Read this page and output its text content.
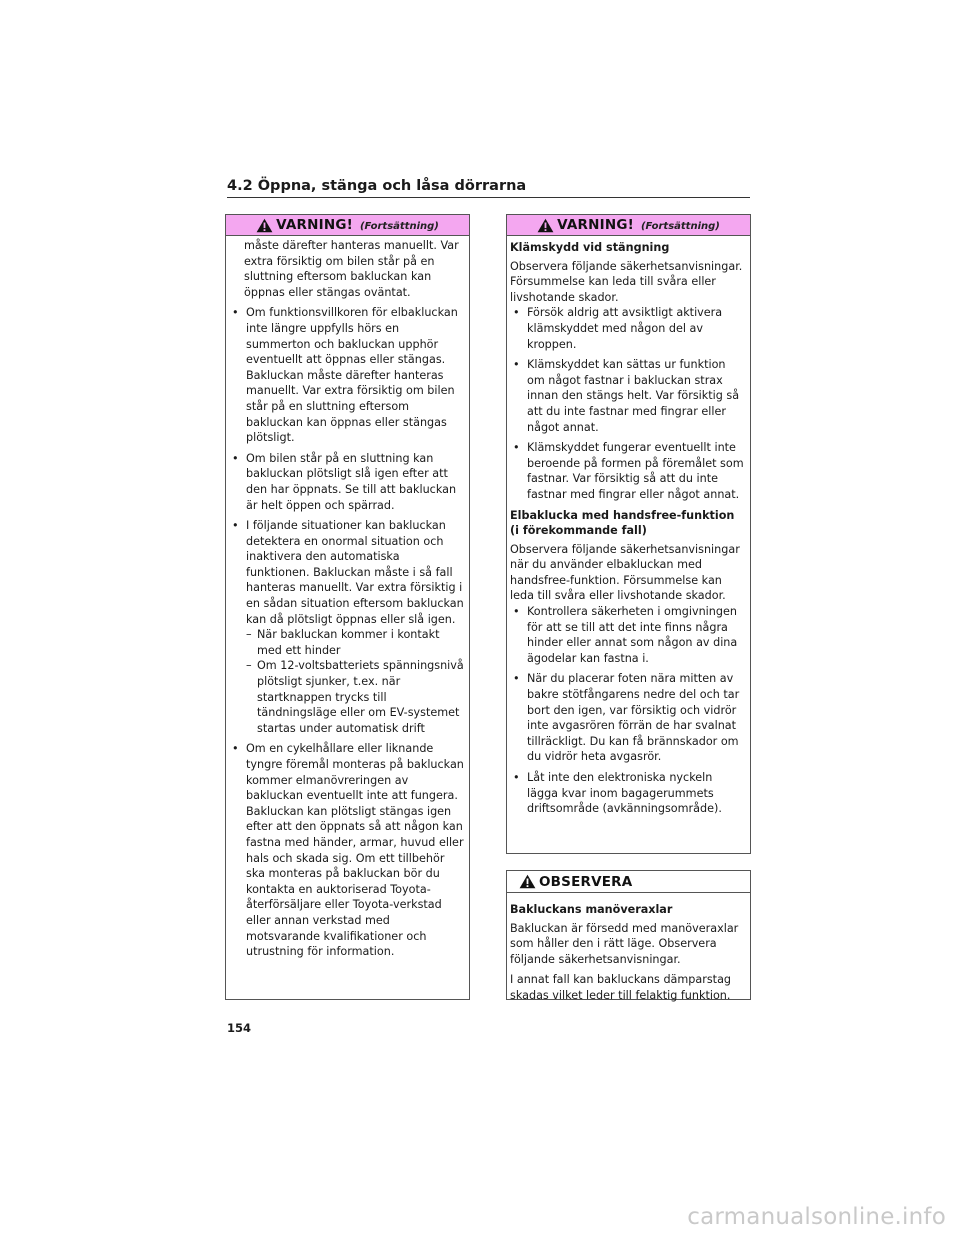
4.2 Öppna, stänga och låsa dörrarna
VARNING! (Fortsättning)
måste därefter hanteras manuellt. Var extra försiktig om bilen står på en sluttning eftersom bakluckan kan öppnas eller stängas oväntat.
• Om funktionsvillkoren för elbakluckan inte längre uppfylls hörs en summerton och bakluckan upphör eventuellt att öppnas eller stängas. Bakluckan måste därefter hanteras manuellt. Var extra försiktig om bilen står på en sluttning eftersom bakluckan kan öppnas eller stängas plötsligt.
• Om bilen står på en sluttning kan bakluckan plötsligt slå igen efter att den har öppnats. Se till att bakluckan är helt öppen och spärrad.
• I följande situationer kan bakluckan detektera en onormal situation och inaktivera den automatiska funktionen. Bakluckan måste i så fall hanteras manuellt. Var extra försiktig i en sådan situation eftersom bakluckan kan då plötsligt öppnas eller slå igen.
– När bakluckan kommer i kontakt med ett hinder
– Om 12-voltsbatteriets spänningsnivå plötsligt sjunker, t.ex. när startknappen trycks till tändningsläge eller om EV-systemet startas under automatisk drift
• Om en cykelhållare eller liknande tyngre föremål monteras på bakluckan kommer elmanövreringen av bakluckan eventuellt inte att fungera. Bakluckan kan plötsligt stängas igen efter att den öppnats så att någon kan fastna med händer, armar, huvud eller hals och skada sig. Om ett tillbehör ska monteras på bakluckan bör du kontakta en auktoriserad Toyota-återförsäljare eller Toyota-verkstad eller annan verkstad med motsvarande kvalifikationer och utrustning för information.
VARNING! (Fortsättning)
Klämskydd vid stängning
Observera följande säkerhetsanvisningar. Försummelse kan leda till svåra eller livshotande skador.
• Försök aldrig att avsiktligt aktivera klämskyddet med någon del av kroppen.
• Klämskyddet kan sättas ur funktion om något fastnar i bakluckan strax innan den stängs helt. Var försiktig så att du inte fastnar med fingrar eller något annat.
• Klämskyddet fungerar eventuellt inte beroende på formen på föremålet som fastnar. Var försiktig så att du inte fastnar med fingrar eller något annat.
Elbaklucka med handsfree-funktion (i förekommande fall)
Observera följande säkerhetsanvisningar när du använder elbakluckan med handsfree-funktion. Försummelse kan leda till svåra eller livshotande skador.
• Kontrollera säkerheten i omgivningen för att se till att det inte finns några hinder eller annat som någon av dina ägodelar kan fastna i.
• När du placerar foten nära mitten av bakre stötfångarens nedre del och tar bort den igen, var försiktig och vidrör inte avgasrören förrän de har svalnat tillräckligt. Du kan få brännskador om du vidrör heta avgasrör.
• Låt inte den elektroniska nyckeln lägga kvar inom bagagerummets driftsområde (avkänningsområde).
OBSERVERA
Bakluckans manöveraxlar
Bakluckan är försedd med manöveraxlar som håller den i rätt läge. Observera följande säkerhetsanvisningar.
I annat fall kan bakluckans dämparstag skadas vilket leder till felaktig funktion.
154
carmanualsonline.info
